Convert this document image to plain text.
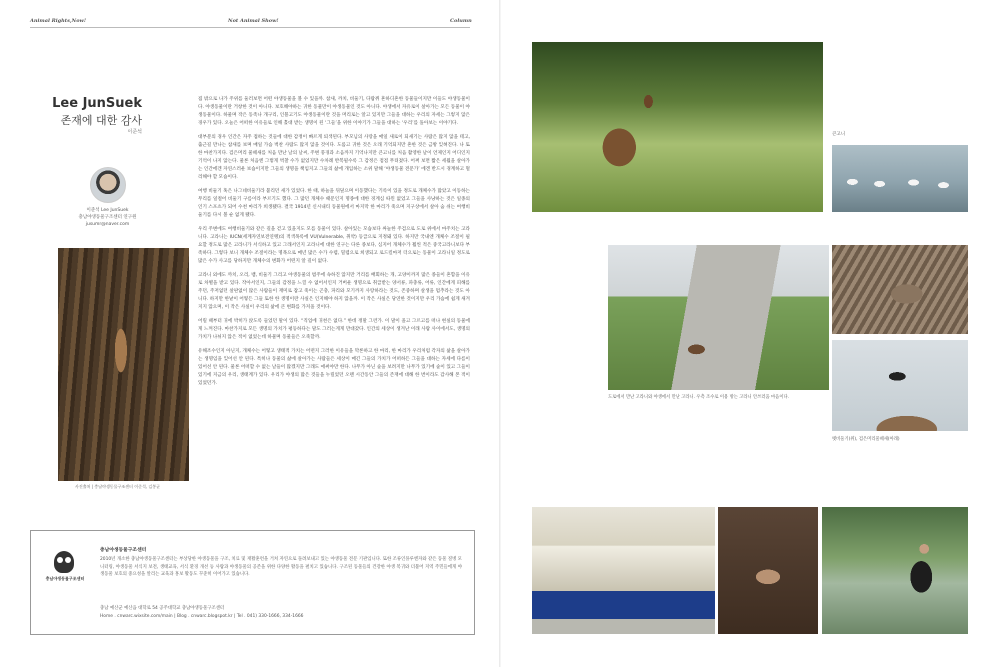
Animal Rights,Now!	Not Animal Show!	Column
Lee JunSuek
존재에 대한 감사
이준석
이준석 Lee JunSuek
충남야생동물구조센터 연구원
jusumr@naver.com
사진출처 | 충남야생동물구조센터 이준석, 김봉균

집 밖으로 나가 주위를 둘러보면 어떤 야생동물을 볼 수 있을까. 참새, 까치, 비둘기, 다람쥐 흔하디흔한 동물들이지만 이들도 야생동물이다. 야생동물이란 거창한 것이 아니다. 보호해야하는 귀한 동물만이 야생동물인 것도 아니다. 야생에서 자유로이 살아가는 모든 동물이 야생동물이다. 하물며 작은 동족나 개구리, 인블고기도 야생동물이란 것을 머리로는 알고 있지만 그들을 대하는 우리의 자세는 그렇지 않은 경우가 있다. 오늘은 어떠한 이유들로 인해 홀대 받는 생명이 된 ‘그들’을 위한 이야기가 그들을 대하는 ‘우리’를 돌아보는 이야기다.

대부분의 경우 인간은 자주 접하는 것들에 대한 감정이 빠르게 퇴색된다. 부모님의 사랑을 매일 새로이 되새기는 사람은 많지 않을 테고, 출근길 만나는 참새를 보며 매일 가슴 벅찬 사람도 많지 않을 것이다. 도롭고 귀한 것은 오래 기억되지만 흔한 것은 금방 잊혀진다. 나 또한 마찬가지다. 검은머리 물떼새를 처음 만난 날의 날씨, 주변 풍경과 소음까지 기억나지만 큰고니를 처음 촬영한 날이 언제인지 어디인지 기억이 나지 않는다. 물론 처음엔 그렇게 벅찰 수가 없었지만 수차례 반복될수록 그 감정은 점점 무뎌졌다. 어쩌 보면 짧은 세월을 살아가는 인간에겐 자연스러운 보습이지만 그들의 생명을 책임지고 그들의 삶에 개입하는 소위 말해 ‘야생동물 전문가’ 에겐 반드시 경계하고 멀리해야 할 모습이다.

여행 비둘기 혹은 나그네비둘기라 불리던 새가 있었다. 한 때, 하늘을 뒤덮으며 이동했다는 기록이 있을 정도로 개체수가 많았고 이동하는 무리를 일컬어 비둘기 구름이라 부르기도 했다. 그 많던 개체수 때문인지 명종에 대한 경계심 따윈 없었고 그들을 사냥하는 것은 일종의 인기 스포츠가 되어 수천 마리가 희생됐다. 결국 1914년 신시내티 동물원에서 마지막 한 마리가 죽으며 지구상에서 살아 숨 쉬는 여행비둘기를 다시 볼 순 없게 됐다.

우리 주변에도 여행비둘기와 같은 길을 걷고 있을지도 모를 동물이 있다. 살아있는 모습보다 싸늘한 주검으로 도로 위에서 마주치는 고라니다. 고라니는 IUCN(세계자연보전연맹)의 적색목록에 VU(Vulnerable, 취약) 등급으로 지정돼 있다. 하지만 국내엔 개체수 조절이 필요할 정도로 많은 고라니가 서식하고 있고 그래서인지 고라니에 대한 연구는 다른 종보다, 심지어 개체수가 훨씬 적은 중국고라니보다 부족하다. 그렇다 보니 개체수 조절이라는 명목으로 매년 많은 수가 수렵, 밀렵으로 희생되고 로드킬마저 더으로는 동물이 고라니일 정도로 많은 수가 사고를 당하지만 개체수의 변화가 어떤지 알 길이 없다.

고라니 외에도 까치, 오리, 뱀, 비둘기 그리고 야생동물의 범주에 속하진 않지만 거리를 배회하는 개, 고양이까지 많은 종들이 흔함을 이유로 차별을 받고 있다. 작아서인지, 그들의 감정을 느낄 수 없어서인지 거버운 생명으로 취급받는 양서류, 파충류, 어류, 인간에게 피해를 주던, 주저없던 살판없이 많은 사람들이 재미로 잡고 죽이는 곤충, 파리와 모기까지 사랑하라는 것도, 존중하며 살생을 멈추라는 것도 아니다. 하지만 한낱이 어떻든 그들 또한 한 생명이란 사실은 인지해야 하지 않을까. 이 작은 사실은 당연한 것이지만 우리 가슴에 쉽게 새겨지지 않으며, 이 작은 사실이 우리의 삶에 큰 변화를 가져올 것이다.

어릴 때부터 귀에 박히가 앉도록 들었던 말이 있다. “직업에 귀천은 없다.” 한데 정말 그런가. 이 말이 올고 그르고를 떠나 현실의 동물에게 느껴진다. 마찬가지로 모든 생명의 가치가 평등하다는 말도 그러는게게 만대갔다. 인간의 세상이 생겨난 이래 사람 사이에서도, 생명의 가치가 나뉘지 않은 적이 없었는데 하물며 동물들은 오죽할까.

유해조수인지 아닌지, 개체수는 어떻고 생태적 가치는 어떤지 그러한 이유들을 막론하고 한 마리, 한 마리가 우리처럼 각자의 삶을 살아가는 생명임을 잊어선 안 된다. 특히나 동물의 삶에 살아가는 사람들은 세상이 매긴 그들의 가치가 어떠하든 그들을 대하는 자세에 다름이 있어선 안 된다. 물론 어떠할 수 없는 날들이 많겠지만 그래도 애써야만 한다. 나무가 아닌 숲을 보려지만 나무가 있기에 숲이 있고 그들이 있기에 지금의 우리, 생태계가 있다. 우리가 야생의 많은 것들을 누릴었던 오랜 시간동안 그들의 존재에 대해 한 번이라도 감사해 본 적이 있었던가.

충남야생동물구조센터
충남야생동물구조센터
2010년 개소한 충남야생동물구조센터는 부상당한 야생동물을 구조, 치료 및 재활훈련을 거쳐 자연으로 돌려보내고 있는 야생동물 전문 기관입니다. 또한 조류인플루엔자와 같은 동물 질병 모니터링, 야생동물 서식지 보전, 생태교육, 서식 환경 개선 등 사람과 야생동물의 공존을 위한 다양한 활동을 펼치고 있습니다. 구조된 동물들의 건강한 야생 복귀와 더불어 지역 주민들에게 야생동물 보호의 중요성을 알리는 교육과 홍보 활동도 꾸준히 이어가고 있습니다.
충남 예산군 예산읍 대학로 54 공주대학교 충남야생동물구조센터
Home . cnwarc.wixsite.com/main | Blog . cnwarc.blogspot.kr | Tel . 041) 330-1666, 334-1666
큰고니
도로에서 만난 고라니와 야생에서 만난 고라니. 우측 조수로 이용 방는 고라니 안쓰러움 마음이다.
멧비둘기(위), 검은머리물떼새(아래)
